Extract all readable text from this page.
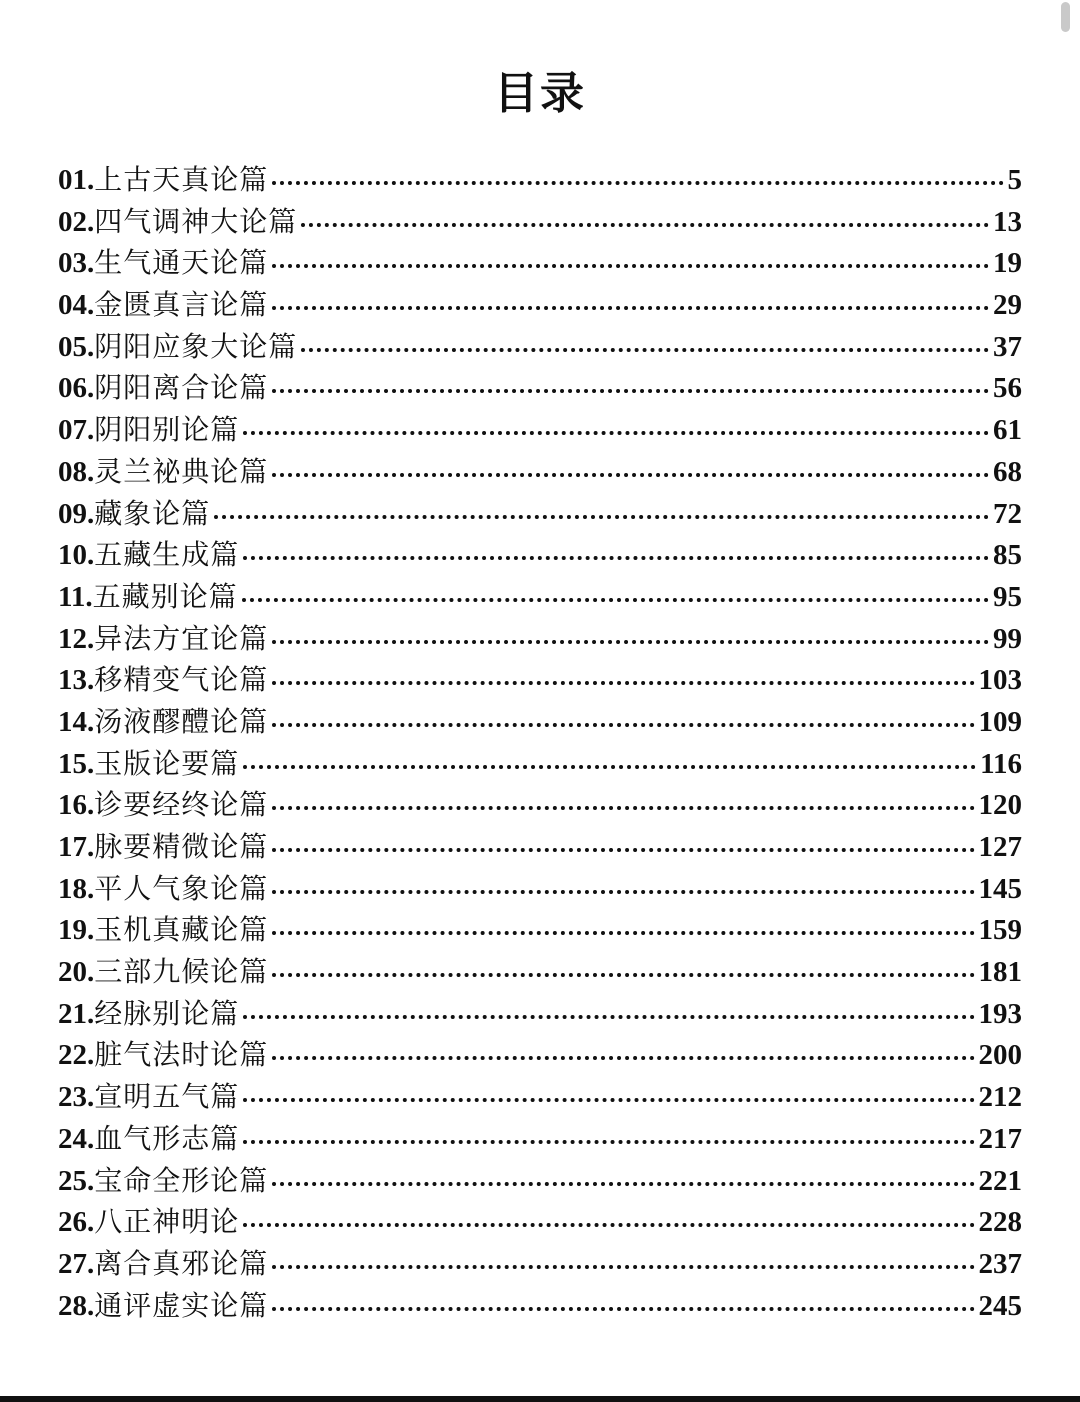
目录
01. 上古天真论篇	5
02. 四气调神大论篇	13
03. 生气通天论篇	19
04. 金匮真言论篇	29
05. 阴阳应象大论篇	37
06. 阴阳离合论篇	56
07. 阴阳别论篇	61
08. 灵兰祕典论篇	68
09. 藏象论篇	72
10. 五藏生成篇	85
11. 五藏别论篇	95
12. 异法方宜论篇	99
13. 移精变气论篇	103
14. 汤液醪醴论篇	109
15. 玉版论要篇	116
16. 诊要经终论篇	120
17. 脉要精微论篇	127
18. 平人气象论篇	145
19. 玉机真藏论篇	159
20. 三部九候论篇	181
21. 经脉别论篇	193
22. 脏气法时论篇	200
23. 宣明五气篇	212
24. 血气形志篇	217
25. 宝命全形论篇	221
26. 八正神明论	228
27. 离合真邪论篇	237
28. 通评虚实论篇	245
